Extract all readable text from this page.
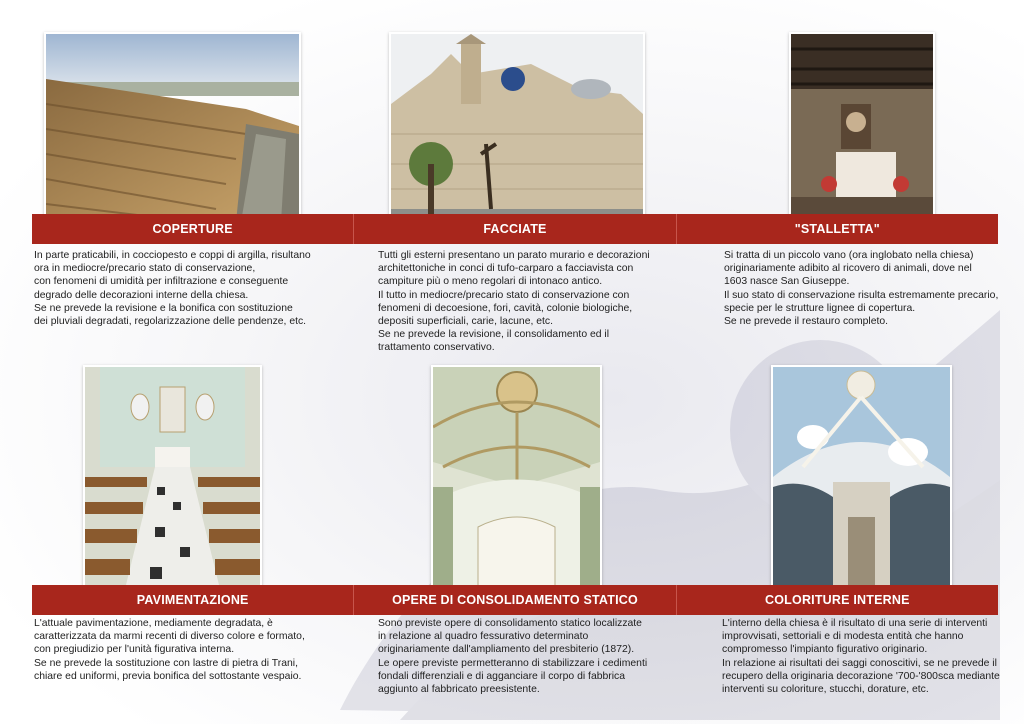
COPERTURE	FACCIATE	"STALLETTA"
In parte praticabili, in cocciopesto e coppi di argilla, risultano
ora in mediocre/precario stato di conservazione,
con fenomeni di umidità per infiltrazione e conseguente
degrado delle decorazioni interne della chiesa.
Se ne prevede la revisione e la bonifica con sostituzione
dei pluviali degradati, regolarizzazione delle pendenze, etc.
Tutti gli esterni presentano un parato murario e decorazioni
architettoniche in conci di tufo-carparo a facciavista con
campiture più o meno regolari di intonaco antico.
Il tutto in mediocre/precario stato di conservazione con
fenomeni di decoesione, fori, cavità, colonie biologiche,
depositi superficiali, carie, lacune, etc.
Se ne prevede la revisione, il consolidamento ed il
trattamento conservativo.
Si tratta di un piccolo vano (ora inglobato nella chiesa)
originariamente adibito al ricovero di animali, dove nel
1603 nasce San Giuseppe.
Il suo stato di conservazione risulta estremamente precario,
specie per le strutture lignee di copertura.
Se ne prevede il restauro completo.
PAVIMENTAZIONE	OPERE DI CONSOLIDAMENTO STATICO	COLORITURE INTERNE
L'attuale pavimentazione, mediamente degradata, è
caratterizzata da marmi recenti di diverso colore e formato,
con pregiudizio per l'unità figurativa interna.
Se ne prevede la sostituzione con lastre di pietra di Trani,
chiare ed uniformi, previa bonifica del sottostante vespaio.
Sono previste opere di consolidamento statico localizzate
in relazione al quadro fessurativo determinato
originariamente dall'ampliamento del presbiterio (1872).
Le opere previste permetteranno di stabilizzare i cedimenti
fondali differenziali e di agganciare il corpo di fabbrica
aggiunto al fabbricato preesistente.
L'interno della chiesa è il risultato di una serie di interventi
improvvisati, settoriali e di modesta entità che hanno
compromesso l'impianto figurativo originario.
In relazione ai risultati dei saggi conoscitivi, se ne prevede il
recupero della originaria decorazione '700-'800sca mediante
interventi su coloriture, stucchi, dorature, etc.
